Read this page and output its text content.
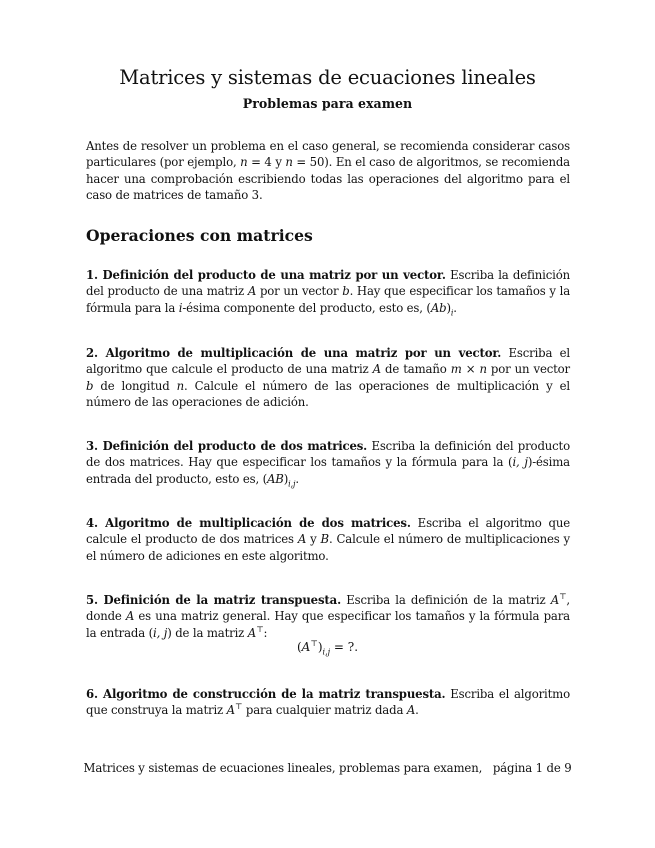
Matrices y sistemas de ecuaciones lineales
Problemas para examen
Antes de resolver un problema en el caso general, se recomienda considerar casos particulares (por ejemplo, n = 4 y n = 50). En el caso de algoritmos, se recomienda hacer una comprobación escribiendo todas las operaciones del algoritmo para el caso de matrices de tamaño 3.
Operaciones con matrices
1. Definición del producto de una matriz por un vector. Escriba la definición del producto de una matriz A por un vector b. Hay que especificar los tamaños y la fórmula para la i-ésima componente del producto, esto es, $(Ab)_i$.
2. Algoritmo de multiplicación de una matriz por un vector. Escriba el algoritmo que calcule el producto de una matriz A de tamaño m × n por un vector b de longitud n. Calcule el número de las operaciones de multiplicación y el número de las operaciones de adición.
3. Definición del producto de dos matrices. Escriba la definición del producto de dos matrices. Hay que especificar los tamaños y la fórmula para la (i, j)-ésima entrada del producto, esto es, $(AB)_{i,j}$.
4. Algoritmo de multiplicación de dos matrices. Escriba el algoritmo que calcule el producto de dos matrices A y B. Calcule el número de multiplicaciones y el número de adiciones en este algoritmo.
5. Definición de la matriz transpuesta. Escriba la definición de la matriz A⊤, donde A es una matriz general. Hay que especificar los tamaños y la fórmula para la entrada (i, j) de la matriz A⊤:
$(A^⊤)_{i,j}$ = ?.
6. Algoritmo de construcción de la matriz transpuesta. Escriba el algoritmo que construya la matriz A⊤ para cualquier matriz dada A.
Matrices y sistemas de ecuaciones lineales, problemas para examen, página 1 de 9
